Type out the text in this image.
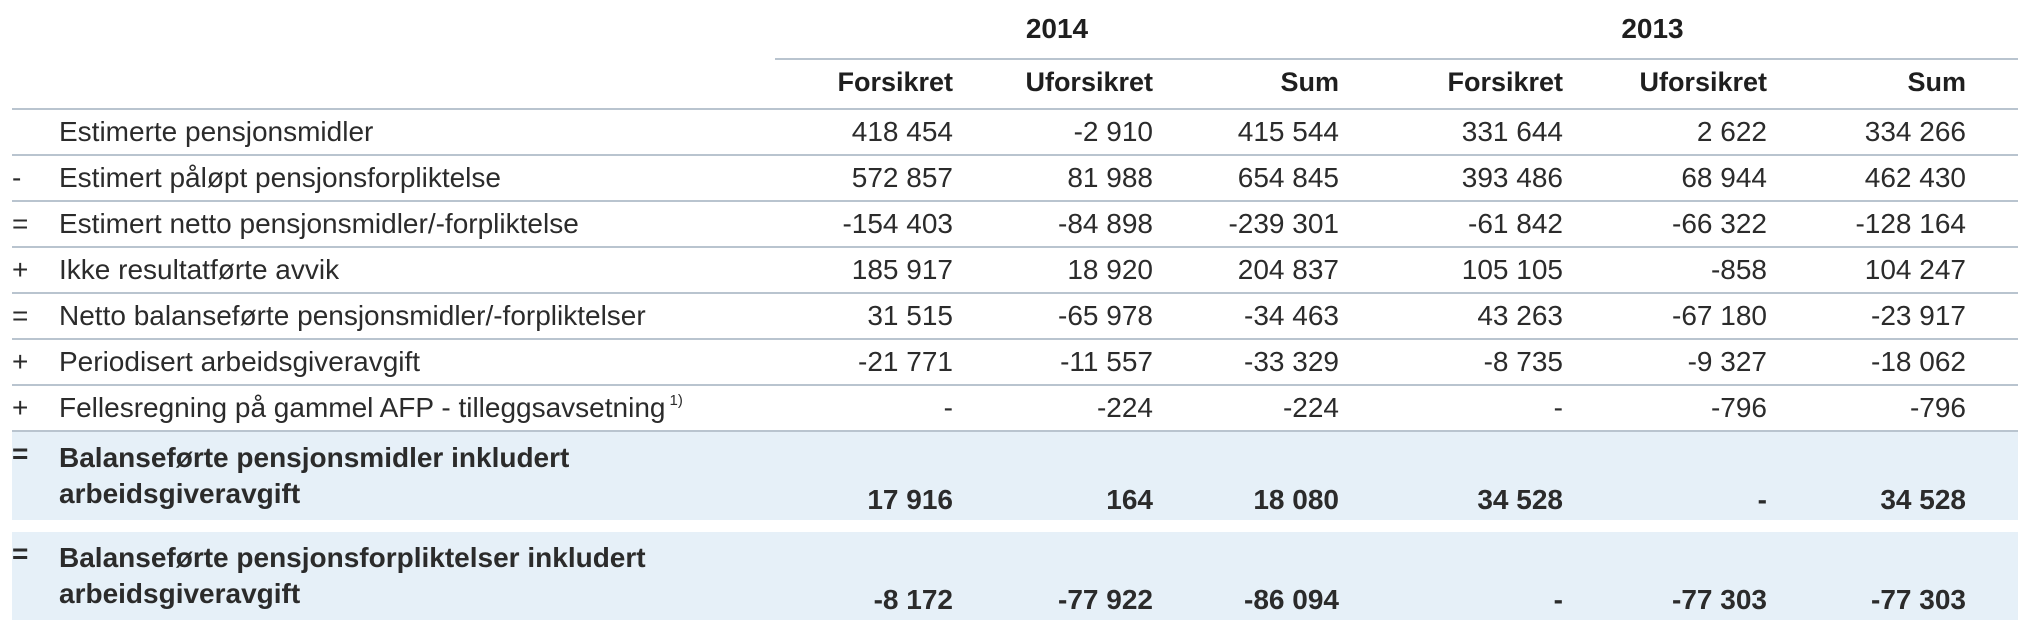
		2014			2013			
		Forsikret	Uforsikret	Sum	Forsikret	Uforsikret	Sum	
	Estimerte pensjonsmidler	418 454	-2 910	415 544	331 644	2 622	334 266	
-	Estimert påløpt pensjonsforpliktelse	572 857	81 988	654 845	393 486	68 944	462 430	
=	Estimert netto pensjonsmidler/-forpliktelse	-154 403	-84 898	-239 301	-61 842	-66 322	-128 164	
+	Ikke resultatførte avvik	185 917	18 920	204 837	105 105	-858	104 247	
=	Netto balanseførte pensjonsmidler/-forpliktelser	31 515	-65 978	-34 463	43 263	-67 180	-23 917	
+	Periodisert arbeidsgiveravgift	-21 771	-11 557	-33 329	-8 735	-9 327	-18 062	
+	Fellesregning på gammel AFP - tilleggsavsetning $^{1)}$	-	-224	-224	-	-796	-796	
=	Balanseførte pensjonsmidler inkludert
arbeidsgiveravgift	17 916	164	18 080	34 528	-	34 528	

=	Balanseførte pensjonsforpliktelser inkludert
arbeidsgiveravgift	-8 172	-77 922	-86 094	-	-77 303	-77 303	
